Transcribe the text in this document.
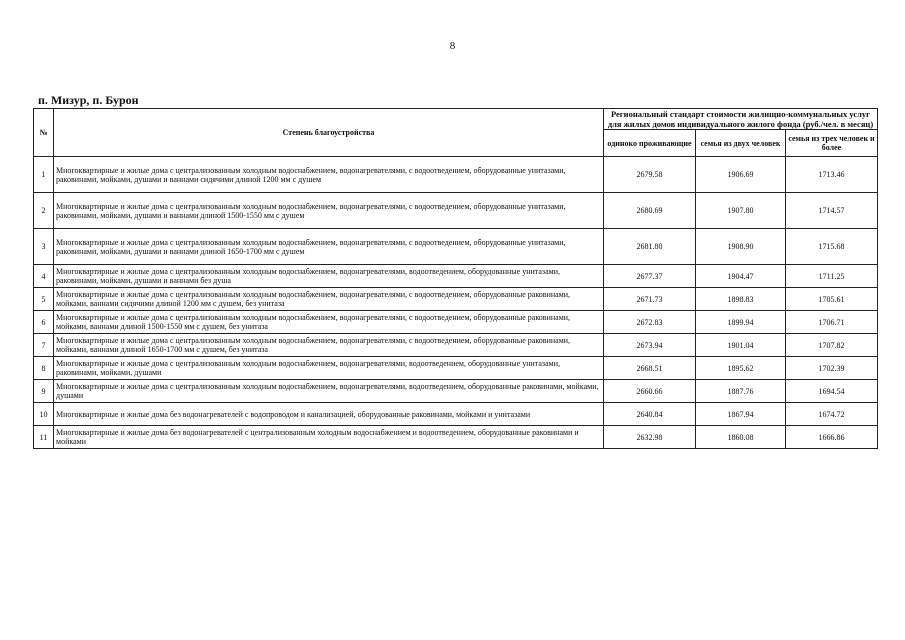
8
п. Мизур, п. Бурон
№	Степень благоустройства	Региональный стандарт стоимости жилищно-коммунальных услуг для жилых домов индивидуального жилого фонда (руб./чел. в месяц)		
		одиноко проживающие	семья из двух человек	семья из трех человек и более
1	Многоквартирные и жилые дома с централизованным холодным водоснабжением, водонагревателями, с водоотведением, оборудованные унитазами, раковинами, мойками, душами и ваннами сидячими длиной 1200 мм с душем	2679.58	1906.69	1713.46
2	Многоквартирные и жилые дома с централизованным холодным водоснабжением, водонагревателями, с водоотведением, оборудованные унитазами, раковинами, мойками, душами и ваннами длиной 1500-1550 мм с душем	2680.69	1907.80	1714.57
3	Многоквартирные и жилые дома с централизованным холодным водоснабжением, водонагревателями, с водоотведением, оборудованные унитазами, раковинами, мойками, душами и ваннами длиной 1650-1700 мм с душем	2681.80	1908.90	1715.68
4	Многоквартирные и жилые дома с централизованным холодным водоснабжением, водонагревателями, водоотведением, оборудованные унитазами, раковинами, мойками, душами и ваннами без душа	2677.37	1904.47	1711.25
5	Многоквартирные и жилые дома с централизованным холодным водоснабжением, водонагревателями, с водоотведением, оборудованные раковинами, мойками, ваннами сидячими длиной 1200 мм с душем, без унитаза	2671.73	1898.83	1705.61
6	Многоквартирные и жилые дома с централизованным холодным водоснабжением, водонагревателями, с водоотведением, оборудованные раковинами, мойками, ваннами длиной 1500-1550 мм с душем, без унитаза	2672.83	1899.94	1706.71
7	Многоквартирные и жилые дома с централизованным холодным водоснабжением, водонагревателями, с водоотведением, оборудованные раковинами, мойками, ваннами длиной 1650-1700 мм с душем, без унитаза	2673.94	1901.04	1707.82
8	Многоквартирные и жилые дома с централизованным холодным водоснабжением, водонагревателями, водоотведением, оборудованные унитазами, раковинами, мойками, душами	2668.51	1895.62	1702.39
9	Многоквартирные и жилые дома с централизованным холодным водоснабжением, водонагревателями, водоотведением, оборудованные раковинами, мойками, душами	2660.66	1887.76	1694.54
10	Многоквартирные и жилые дома без водонагревателей с водопроводом и канализацией, оборудованные раковинами, мойками и унитазами	2640.84	1867.94	1674.72
11	Многоквартирные и жилые дома без водонагревателей с централизованным холодным водоснабжением и водоотведением, оборудованные раковинами и мойками	2632.98	1860.08	1666.86
